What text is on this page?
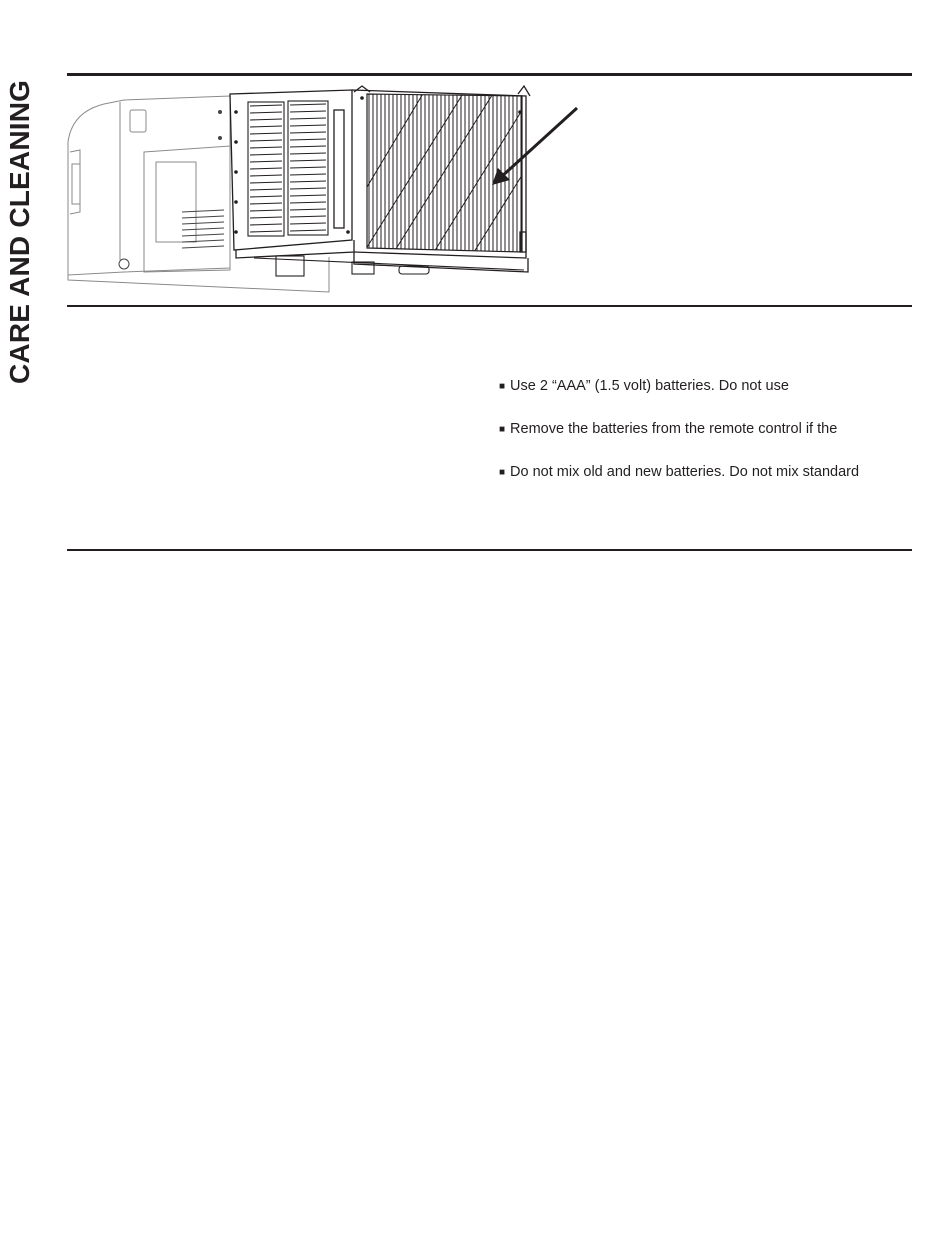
CARE AND CLEANING
■ Use 2 “AAA” (1.5 volt) batteries. Do not use
■ Remove the batteries from the remote control if the
■ Do not mix old and new batteries. Do not mix standard
